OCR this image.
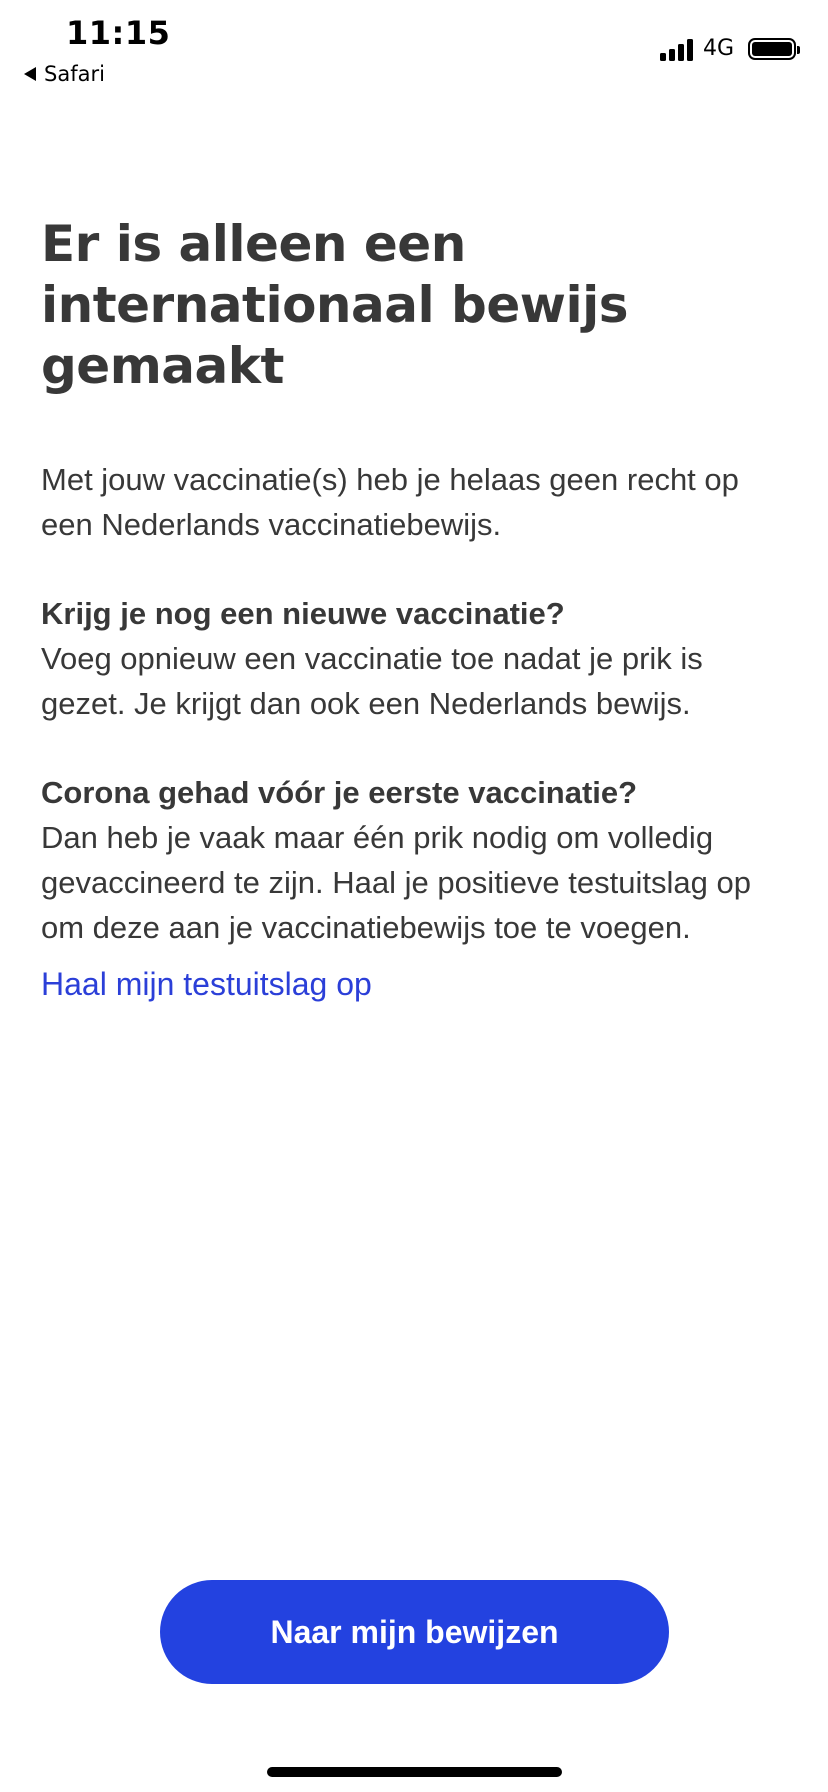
11:15
Safari
4G
Er is alleen een internationaal bewijs gemaakt

Met jouw vaccinatie(s) heb je helaas geen recht op een Nederlands vaccinatiebewijs.

Krijg je nog een nieuwe vaccinatie?

Voeg opnieuw een vaccinatie toe nadat je prik is gezet. Je krijgt dan ook een Nederlands bewijs.

Corona gehad vóór je eerste vaccinatie?

Dan heb je vaak maar één prik nodig om volledig gevaccineerd te zijn. Haal je positieve testuitslag op om deze aan je vaccinatiebewijs toe te voegen.

Haal mijn testuitslag op
Naar mijn bewijzen
